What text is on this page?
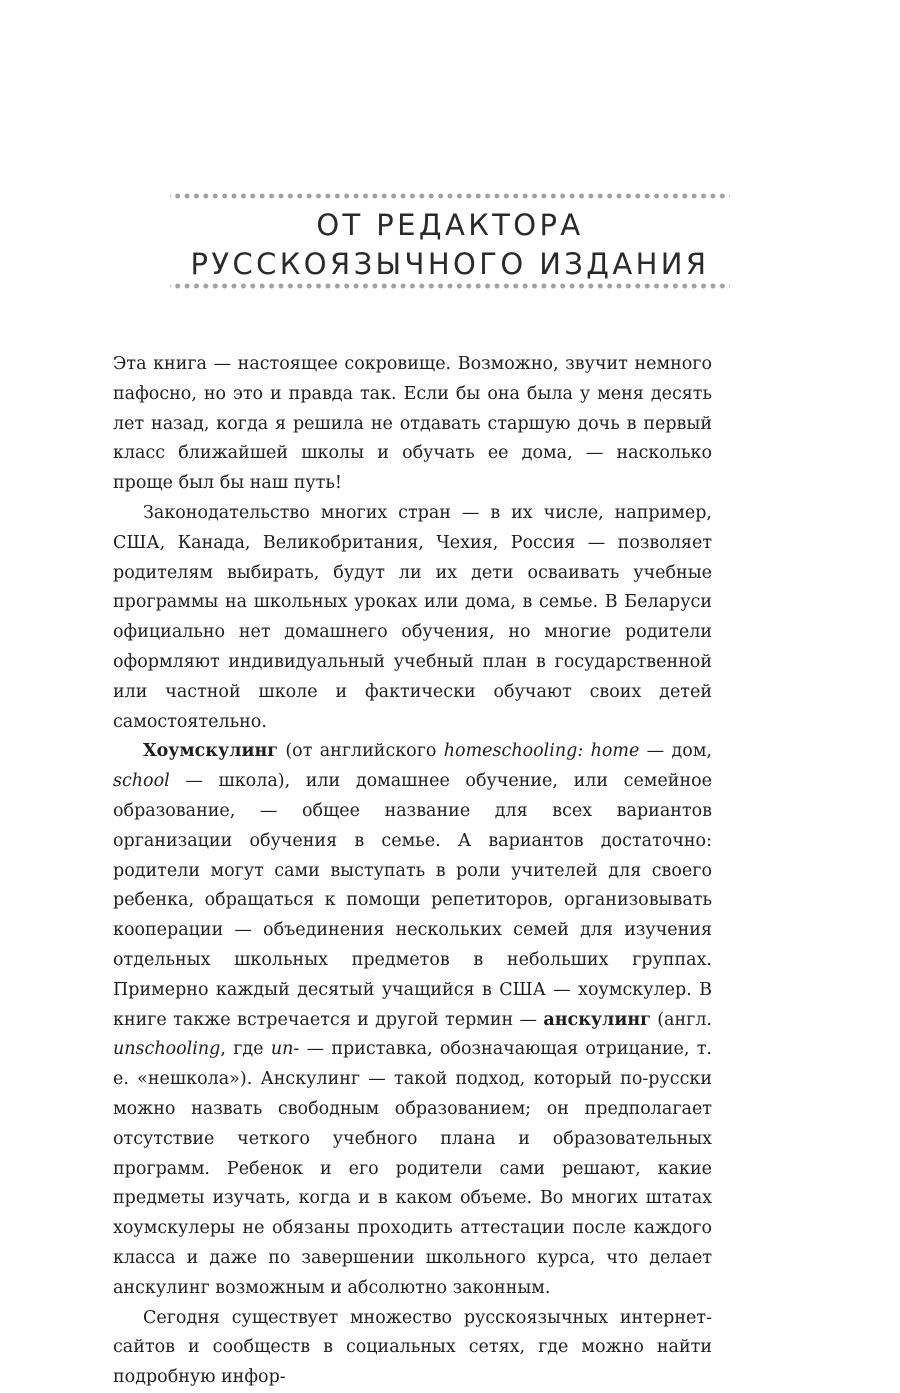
ОТ РЕДАКТОРА
РУССКОЯЗЫЧНОГО ИЗДАНИЯ

Эта книга — настоящее сокровище. Возможно, звучит немного пафосно, но это и правда так. Если бы она была у меня десять лет назад, когда я решила не отдавать старшую дочь в первый класс ближайшей школы и обучать ее дома, — насколько проще был бы наш путь!

Законодательство многих стран — в их числе, например, США, Канада, Великобритания, Чехия, Россия — позволяет родителям выбирать, будут ли их дети осваивать учебные программы на школьных уроках или дома, в семье. В Беларуси официально нет домашнего обучения, но многие родители оформляют индивидуальный учебный план в государственной или частной школе и фактически обучают своих детей самостоятельно.

Хоумскулинг (от английского homeschooling: home — дом, school — школа), или домашнее обучение, или семейное образование, — общее название для всех вариантов организации обучения в семье. А вариантов достаточно: родители могут сами выступать в роли учителей для своего ребенка, обращаться к помощи репетиторов, организовывать кооперации — объединения нескольких семей для изучения отдельных школьных предметов в небольших группах. Примерно каждый десятый учащийся в США — хоумскулер. В книге также встречается и другой термин — анскулинг (англ. unschooling, где un- — приставка, обозначающая отрицание, т. е. «нешкола»). Анскулинг — такой подход, который по-русски можно назвать свободным образованием; он предполагает отсутствие четкого учебного плана и образовательных программ. Ребенок и его родители сами решают, какие предметы изучать, когда и в каком объеме. Во многих штатах хоумскулеры не обязаны проходить аттестации после каждого класса и даже по завершении школьного курса, что делает анскулинг возможным и абсолютно законным.

Сегодня существует множество русскоязычных интернет-сайтов и сообществ в социальных сетях, где можно найти подробную инфор-
